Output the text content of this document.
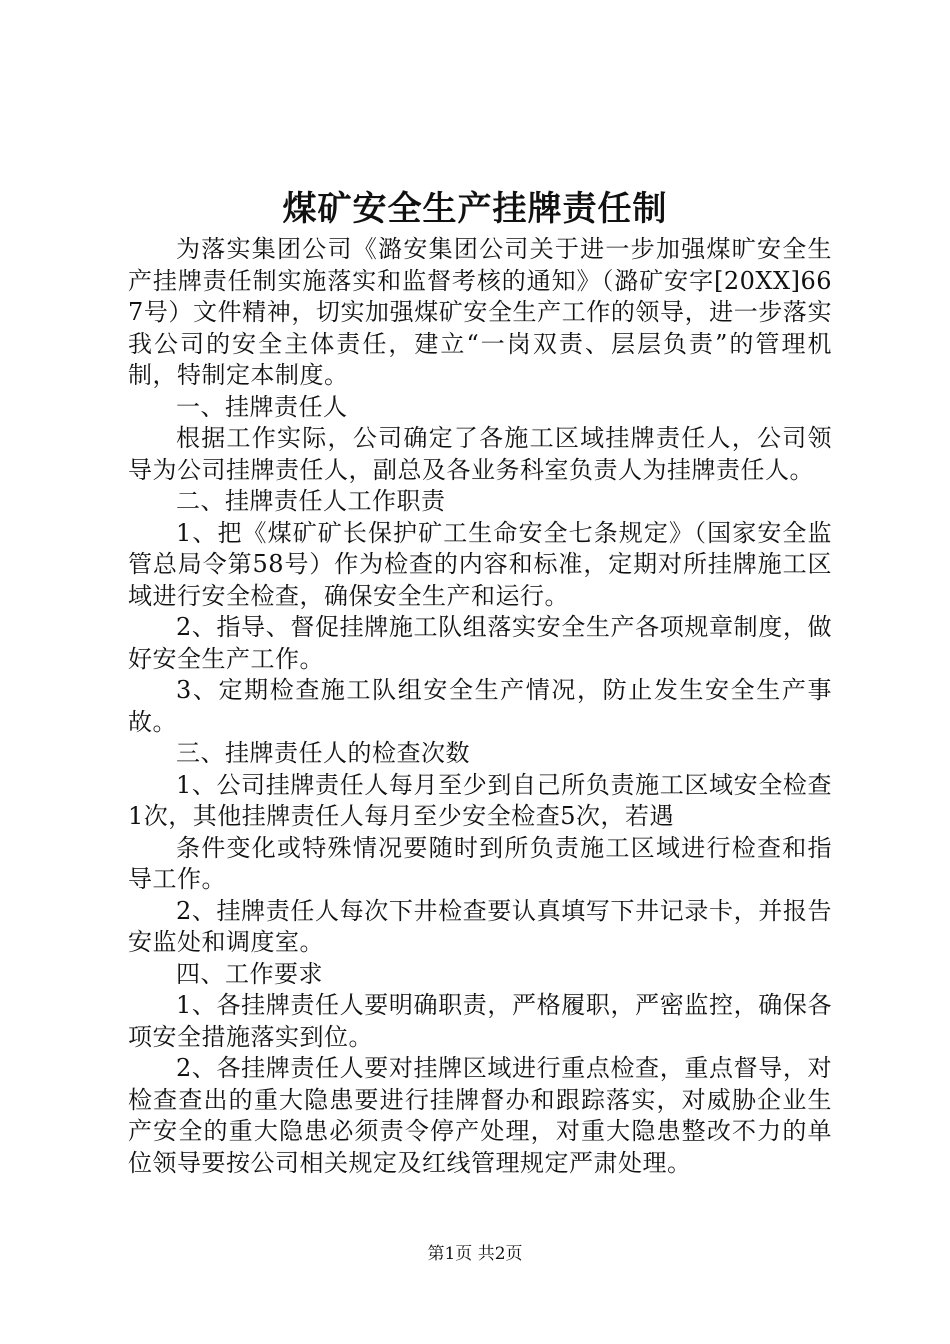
煤矿安全生产挂牌责任制

为落实集团公司《潞安集团公司关于进一步加强煤旷安全生产挂牌责任制实施落实和监督考核的通知》（潞矿安字[20XX]667号）文件精神，切实加强煤矿安全生产工作的领导，进一步落实我公司的安全主体责任，建立“一岗双责、层层负责”的管理机制，特制定本制度。

一、挂牌责任人

根据工作实际，公司确定了各施工区域挂牌责任人，公司领导为公司挂牌责任人，副总及各业务科室负责人为挂牌责任人。

二、挂牌责任人工作职责

1、把《煤矿矿长保护矿工生命安全七条规定》（国家安全监管总局令第58号）作为检查的内容和标准，定期对所挂牌施工区域进行安全检查，确保安全生产和运行。

2、指导、督促挂牌施工队组落实安全生产各项规章制度，做好安全生产工作。

3、定期检查施工队组安全生产情况，防止发生安全生产事故。

三、挂牌责任人的检查次数

1、公司挂牌责任人每月至少到自己所负责施工区域安全检查1次，其他挂牌责任人每月至少安全检查5次，若遇

条件变化或特殊情况要随时到所负责施工区域进行检查和指导工作。

2、挂牌责任人每次下井检查要认真填写下井记录卡，并报告安监处和调度室。

四、工作要求

1、各挂牌责任人要明确职责，严格履职，严密监控，确保各项安全措施落实到位。

2、各挂牌责任人要对挂牌区域进行重点检查，重点督导，对检查查出的重大隐患要进行挂牌督办和跟踪落实，对威胁企业生产安全的重大隐患必须责令停产处理，对重大隐患整改不力的单位领导要按公司相关规定及红线管理规定严肃处理。

第1页 共2页
